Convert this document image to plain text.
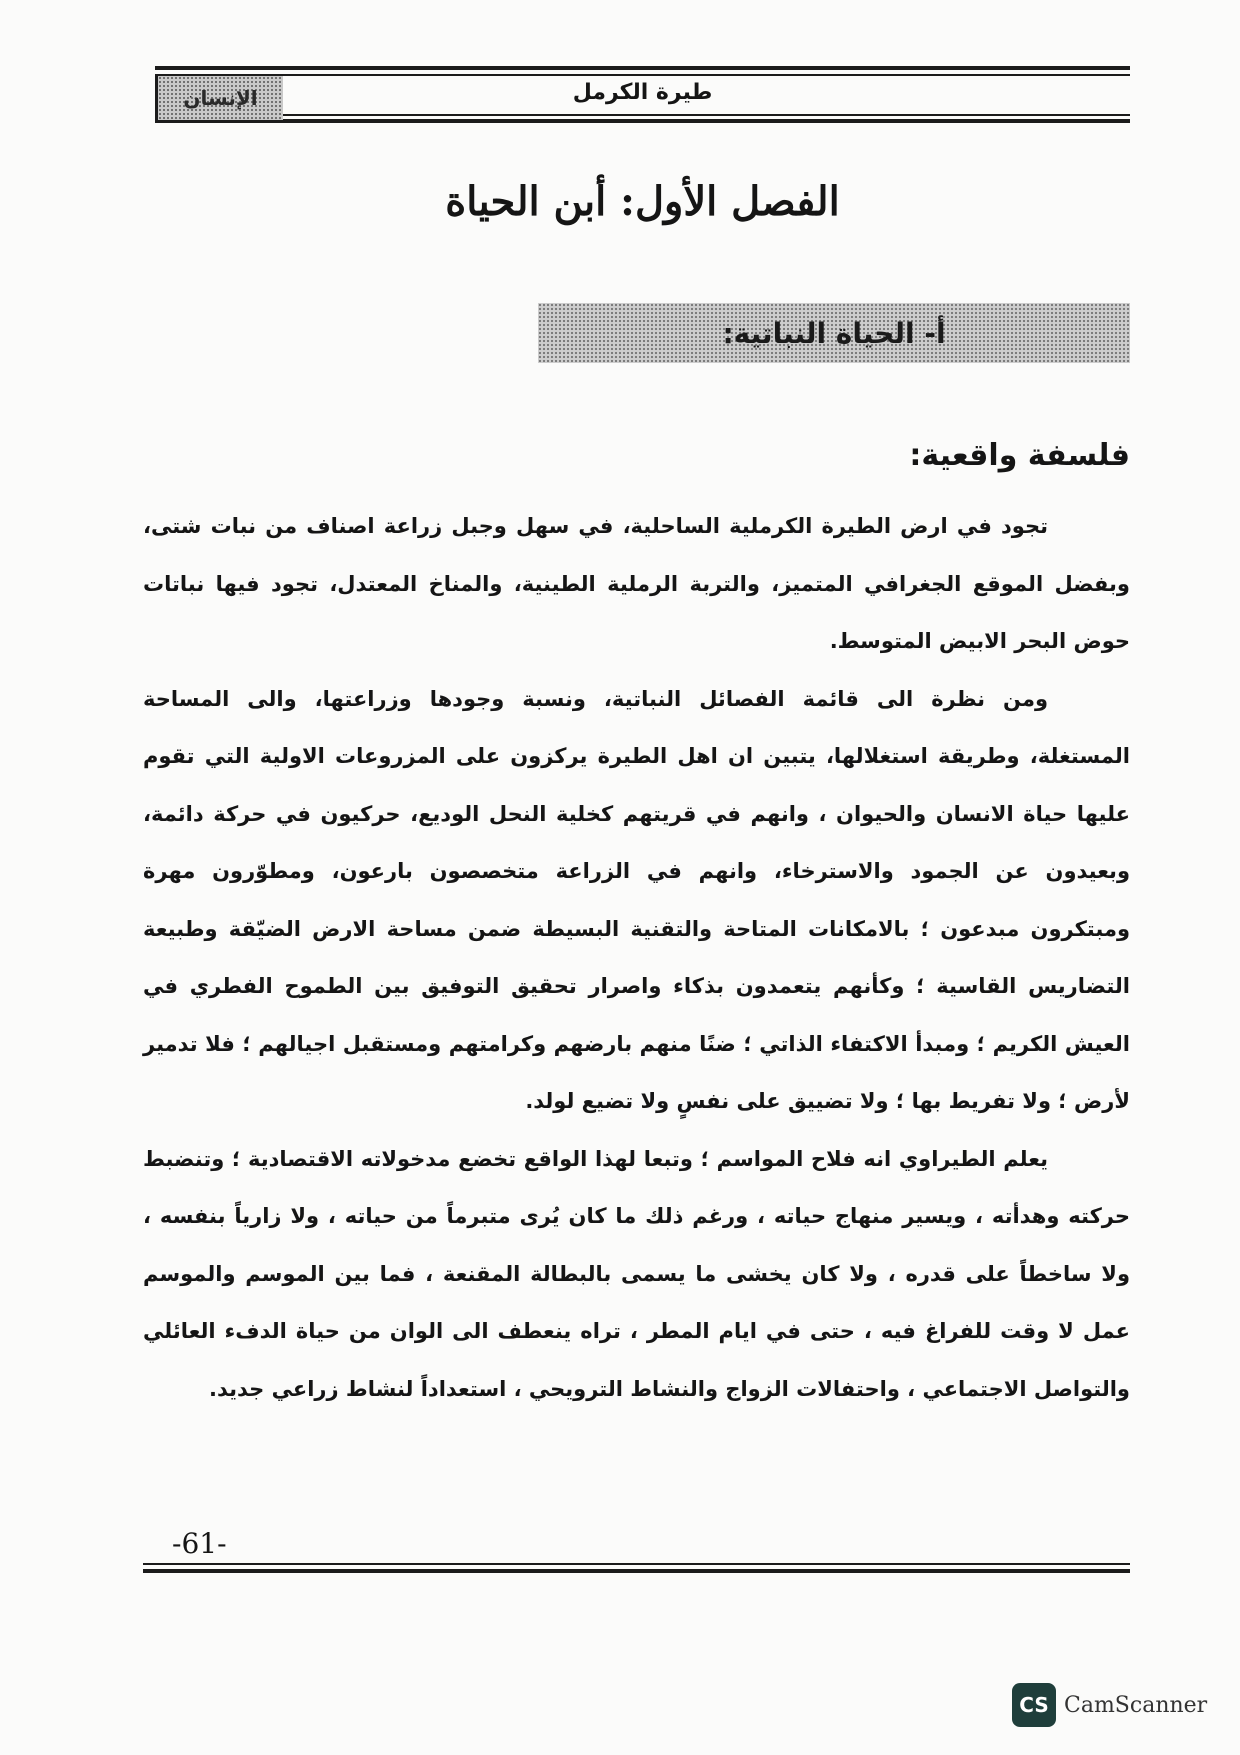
الإنسان	طيرة الكرمل
الفصل الأول: أبن الحياة
أ- الحياة النباتية:
فلسفة واقعية:

تجود في ارض الطيرة الكرملية الساحلية، في سهل وجبل زراعة اصناف من نبات شتى، وبفضل الموقع الجغرافي المتميز، والتربة الرملية الطينية، والمناخ المعتدل، تجود فيها نباتات حوض البحر الابيض المتوسط.

ومن نظرة الى قائمة الفصائل النباتية، ونسبة وجودها وزراعتها، والى المساحة المستغلة، وطريقة استغلالها، يتبين ان اهل الطيرة يركزون على المزروعات الاولية التي تقوم عليها حياة الانسان والحيوان ، وانهم في قريتهم كخلية النحل الوديع، حركيون في حركة دائمة، وبعيدون عن الجمود والاسترخاء، وانهم في الزراعة متخصصون بارعون، ومطوّرون مهرة ومبتكرون مبدعون ؛ بالامكانات المتاحة والتقنية البسيطة ضمن مساحة الارض الضيّقة وطبيعة التضاريس القاسية ؛ وكأنهم يتعمدون بذكاء واصرار تحقيق التوفيق بين الطموح الفطري في العيش الكريم ؛ ومبدأ الاكتفاء الذاتي ؛ ضنًا منهم بارضهم وكرامتهم ومستقبل اجيالهم ؛ فلا تدمير لأرض ؛ ولا تفريط بها ؛ ولا تضييق على نفسٍ ولا تضيع لولد.

يعلم الطيراوي انه فلاح المواسم ؛ وتبعا لهذا الواقع تخضع مدخولاته الاقتصادية ؛ وتنضبط حركته وهدأته ، ويسير منهاج حياته ، ورغم ذلك ما كان يُرى متبرماً من حياته ، ولا زارياً بنفسه ، ولا ساخطاً على قدره ، ولا كان يخشى ما يسمى بالبطالة المقنعة ، فما بين الموسم والموسم عمل لا وقت للفراغ فيه ، حتى في ايام المطر ، تراه ينعطف الى الوان من حياة الدفء العائلي والتواصل الاجتماعي ، واحتفالات الزواج والنشاط الترويحي ، استعداداً لنشاط زراعي جديد.

-61-
CS CamScanner
